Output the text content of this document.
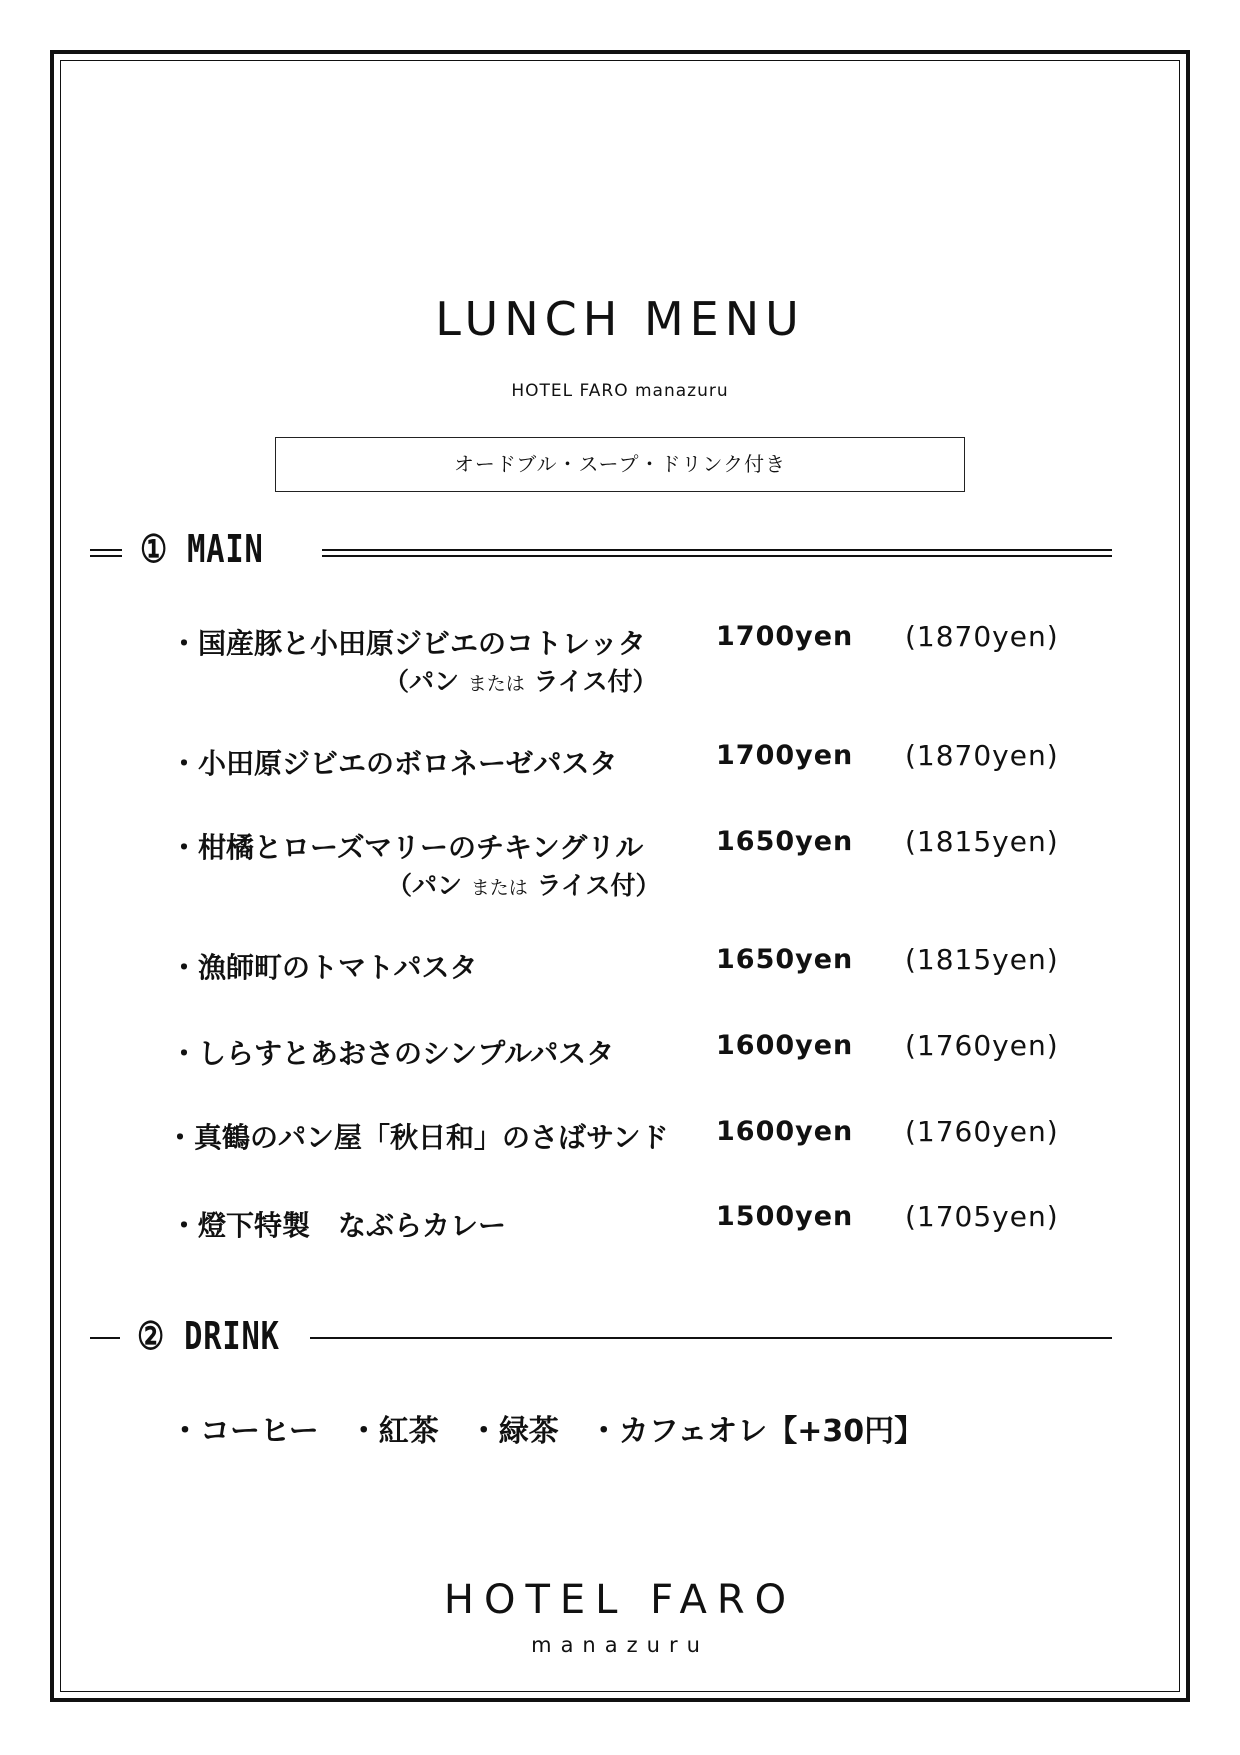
LUNCH MENU
HOTEL FARO manazuru
オードブル・スープ・ドリンク付き
① MAIN
・国産豚と小田原ジビエのコトレッタ	1700yen (1870yen)
（パン または ライス付）
・小田原ジビエのボロネーゼパスタ	1700yen (1870yen)
・柑橘とローズマリーのチキングリル	1650yen (1815yen)
（パン または ライス付）
・漁師町のトマトパスタ	1650yen (1815yen)
・しらすとあおさのシンプルパスタ	1600yen (1760yen)
・真鶴のパン屋「秋日和」のさばサンド 1600yen (1760yen)
・燈下特製　なぶらカレー	1500yen (1705yen)
② DRINK
・コーヒー　・紅茶　・緑茶　・カフェオレ【+30円】
HOTEL FARO
manazuru
